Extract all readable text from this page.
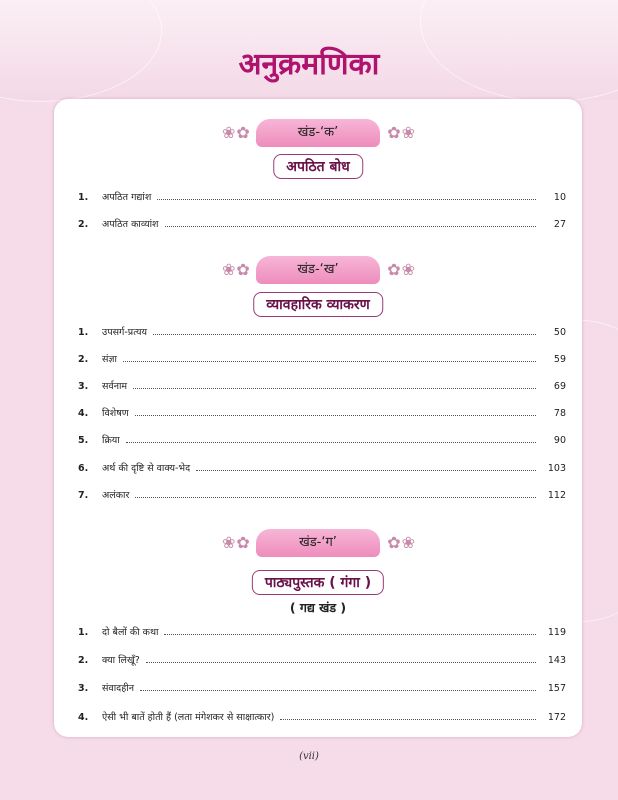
अनुक्रमणिका
❀✿	खंड-‘क’	✿❀
अपठित बोध
1.	अपठित गद्यांश	10
2.	अपठित काव्यांश	27
❀✿	खंड-‘ख’	✿❀
व्यावहारिक व्याकरण
1.	उपसर्ग-प्रत्यय	50
2.	संज्ञा	59
3.	सर्वनाम	69
4.	विशेषण	78
5.	क्रिया	90
6.	अर्थ की दृष्टि से वाक्य-भेद	103
7.	अलंकार	112
❀✿	खंड-‘ग’	✿❀
पाठ्यपुस्तक ( गंगा )
( गद्य खंड )
1.	दो बैलों की कथा	119
2.	क्या लिखूँ?	143
3.	संवादहीन	157
4.	ऐसी भी बातें होती हैं (लता मंगेशकर से साक्षात्कार)	172
(vii)
